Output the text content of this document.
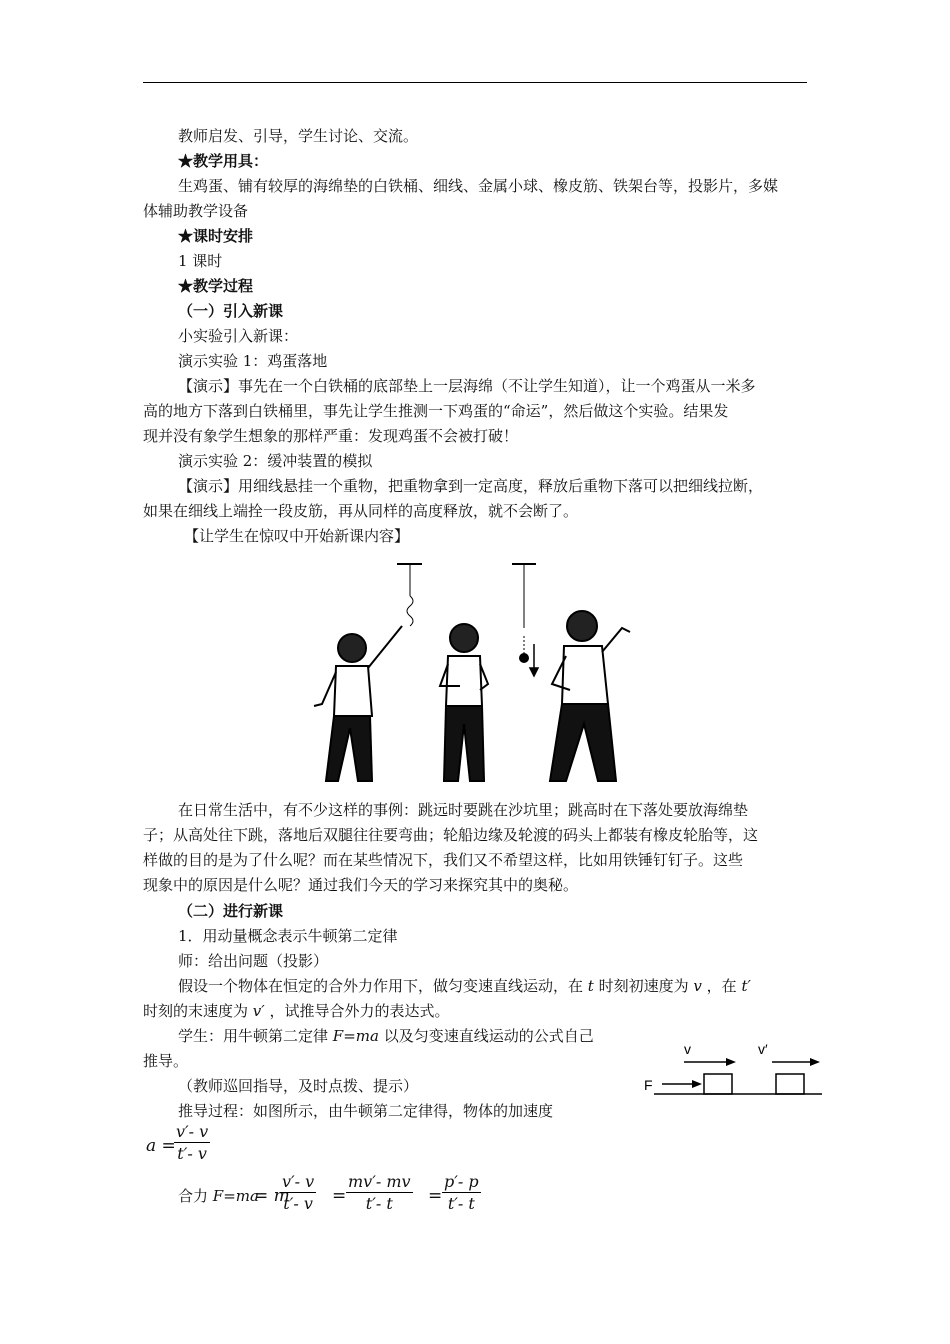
教师启发、引导，学生讨论、交流。
★教学用具：
生鸡蛋、铺有较厚的海绵垫的白铁桶、细线、金属小球、橡皮筋、铁架台等，投影片，多媒
体辅助教学设备
★课时安排
1 课时
★教学过程
（一）引入新课
小实验引入新课：
演示实验 1：鸡蛋落地
【演示】事先在一个白铁桶的底部垫上一层海绵（不让学生知道），让一个鸡蛋从一米多
高的地方下落到白铁桶里，事先让学生推测一下鸡蛋的“命运”，然后做这个实验。结果发
现并没有象学生想象的那样严重：发现鸡蛋不会被打破！
演示实验 2：缓冲装置的模拟
【演示】用细线悬挂一个重物，把重物拿到一定高度，释放后重物下落可以把细线拉断，
如果在细线上端拴一段皮筋，再从同样的高度释放，就不会断了。
【让学生在惊叹中开始新课内容】
在日常生活中，有不少这样的事例：跳远时要跳在沙坑里；跳高时在下落处要放海绵垫
子；从高处往下跳，落地后双腿往往要弯曲；轮船边缘及轮渡的码头上都装有橡皮轮胎等，这
样做的目的是为了什么呢？而在某些情况下，我们又不希望这样，比如用铁锤钉钉子。这些
现象中的原因是什么呢？通过我们今天的学习来探究其中的奥秘。
（二）进行新课
1．用动量概念表示牛顿第二定律
师：给出问题（投影）
假设一个物体在恒定的合外力作用下，做匀变速直线运动，在 t 时刻初速度为 v ，在 t′
时刻的末速度为 v′ ，试推导合外力的表达式。
学生：用牛顿第二定律 F=ma 以及匀变速直线运动的公式自己
推导。
（教师巡回指导，及时点拨、提示）
推导过程：如图所示，由牛顿第二定律得，物体的加速度
F
v	v′
a =
$\frac{v'- v}{t'- v}$
合力 F=ma
= m
$\frac{v'- v}{t'- v} = \frac{mv'- mv}{t'- t} = \frac{p'- p}{t'- t}$
